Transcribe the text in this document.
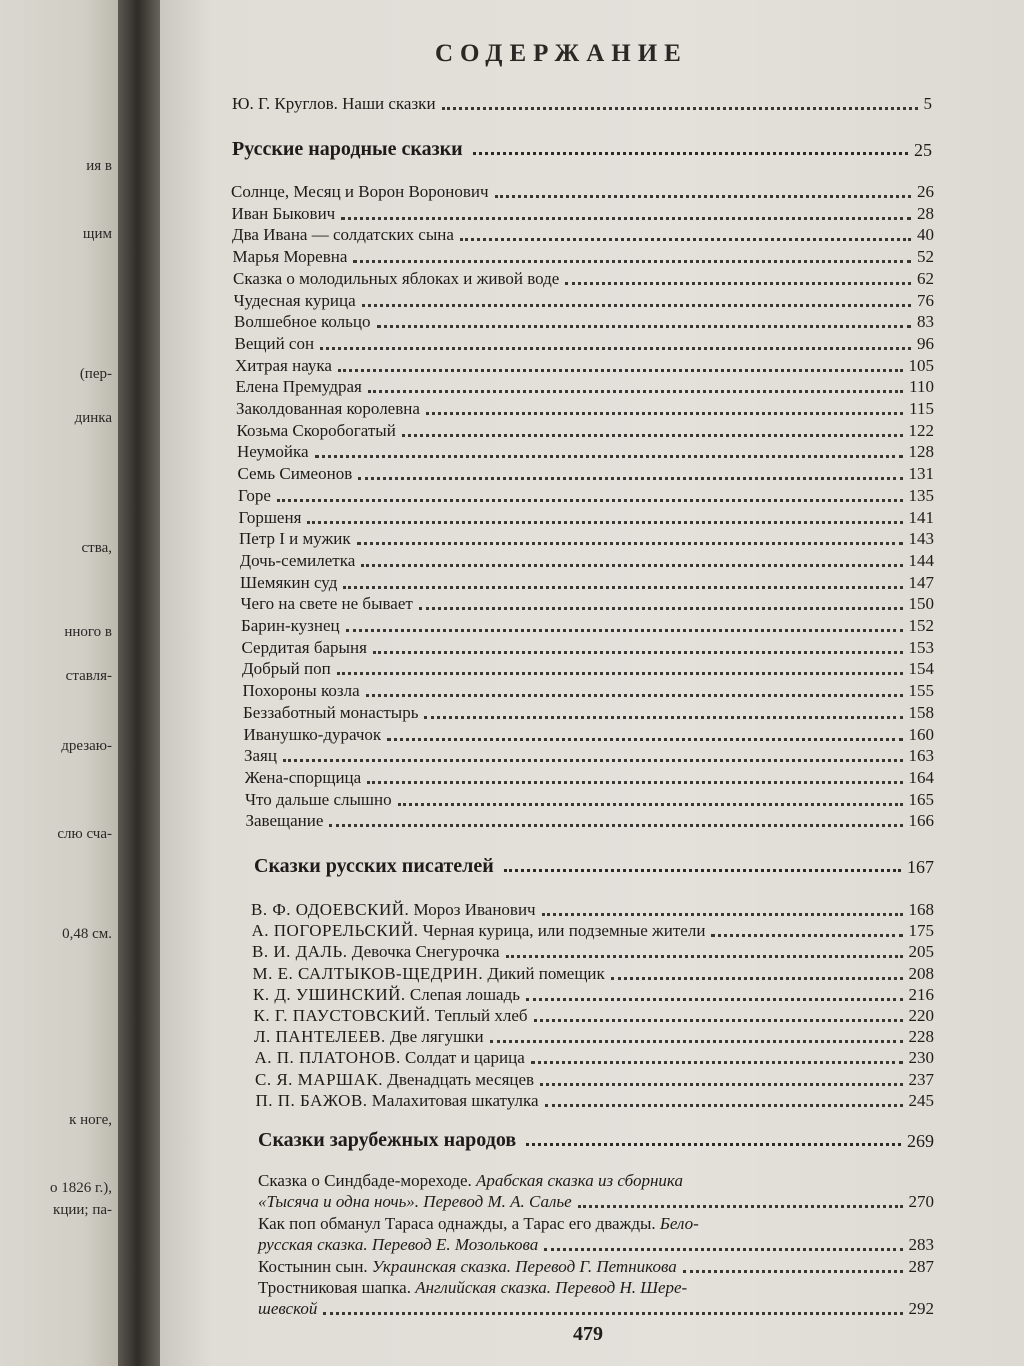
ия в
щим
(пер-
динка
ства,
нного в
ставля-
дрезаю-
слю сча-
0,48 см.
к ноге,
о 1826 г.),
кции; па-
СОДЕРЖАНИЕ
Ю. Г. Круглов. Наши сказки	5
Русские народные сказки	25
Солнце, Месяц и Ворон Воронович	26
Иван Быкович	28
Два Ивана — солдатских сына	40
Марья Моревна	52
Сказка о молодильных яблоках и живой воде	62
Чудесная курица	76
Волшебное кольцо	83
Вещий сон	96
Хитрая наука	105
Елена Премудрая	110
Заколдованная королевна	115
Козьма Скоробогатый	122
Неумойка	128
Семь Симеонов	131
Горе	135
Горшеня	141
Петр I и мужик	143
Дочь-семилетка	144
Шемякин суд	147
Чего на свете не бывает	150
Барин-кузнец	152
Сердитая барыня	153
Добрый поп	154
Похороны козла	155
Беззаботный монастырь	158
Иванушко-дурачок	160
Заяц	163
Жена-спорщица	164
Что дальше слышно	165
Завещание	166
Сказки русских писателей	167
В. Ф. ОДОЕВСКИЙ. Мороз Иванович	168
А. ПОГОРЕЛЬСКИЙ. Черная курица, или подземные жители	175
В. И. ДАЛЬ. Девочка Снегурочка	205
М. Е. САЛТЫКОВ-ЩЕДРИН. Дикий помещик	208
К. Д. УШИНСКИЙ. Слепая лошадь	216
К. Г. ПАУСТОВСКИЙ. Теплый хлеб	220
Л. ПАНТЕЛЕЕВ. Две лягушки	228
А. П. ПЛАТОНОВ. Солдат и царица	230
С. Я. МАРШАК. Двенадцать месяцев	237
П. П. БАЖОВ. Малахитовая шкатулка	245
Сказки зарубежных народов	269
Сказка о Синдбаде-мореходе. Арабская сказка из сборника
«Тысяча и одна ночь». Перевод М. А. Салье	270
Как поп обманул Тараса однажды, а Тарас его дважды. Бело-
русская сказка. Перевод Е. Мозолькова	283
Костынин сын. Украинская сказка. Перевод Г. Петникова	287
Тростниковая шапка. Английская сказка. Перевод Н. Шере-
шевской	292
479
